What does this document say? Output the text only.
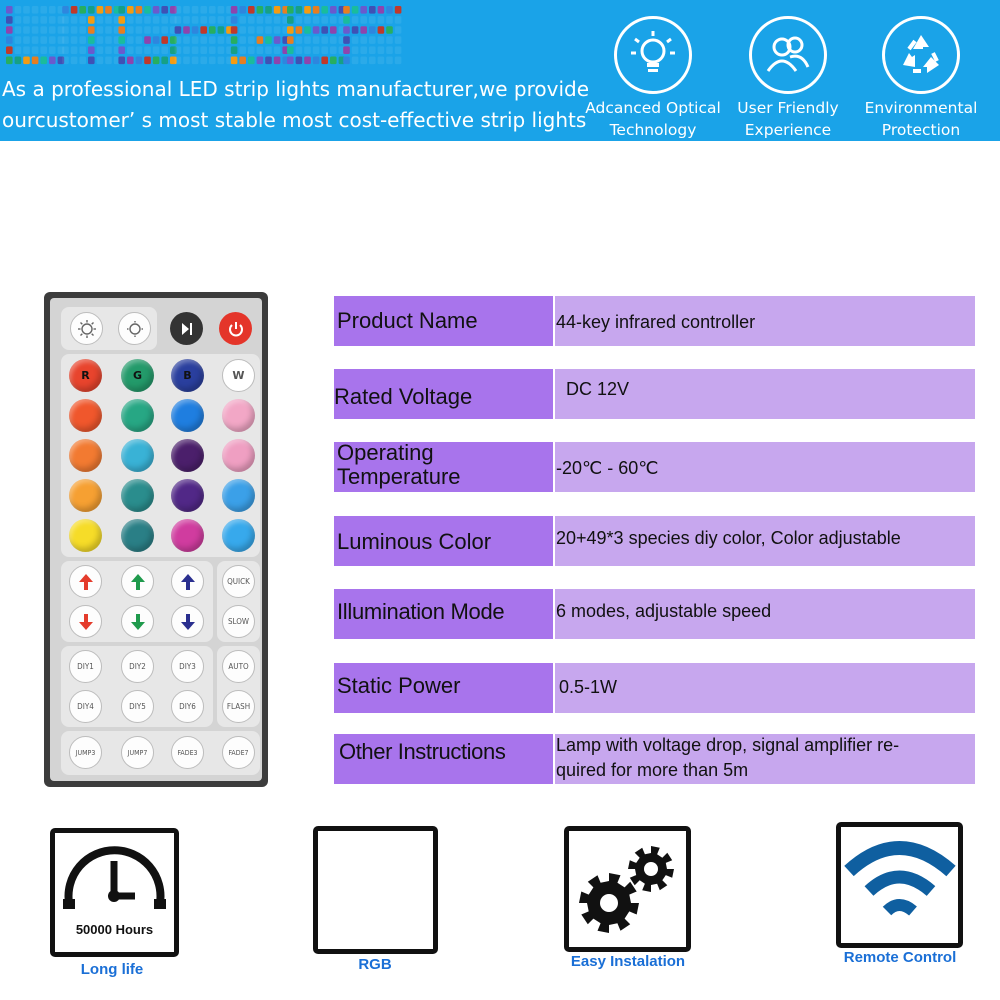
As a professional LED strip lights manufacturer,we provide
ourcustomer’ s most stable most cost-effective strip lights
Adcanced Optical
Technology
User Friendly
Experience
Environmental
Protection
R	G	B	W
QUICK
SLOW
DIY1	DIY2	DIY3
DIY4	DIY5	DIY6
AUTO
FLASH
JUMP3	JUMP7	FADE3	FADE7
Product Name	44-key infrared controller
Rated Voltage	DC 12V
Operating
Temperature	-20℃ - 60℃
Luminous Color	20+49*3 species diy color, Color adjustable
Illumination Mode	6 modes, adjustable speed
Static Power	0.5-1W
Other Instructions	Lamp with voltage drop, signal amplifier re-
quired for more than 5m
50000 Hours
Long life	RGB	Easy Instalation	Remote Control
